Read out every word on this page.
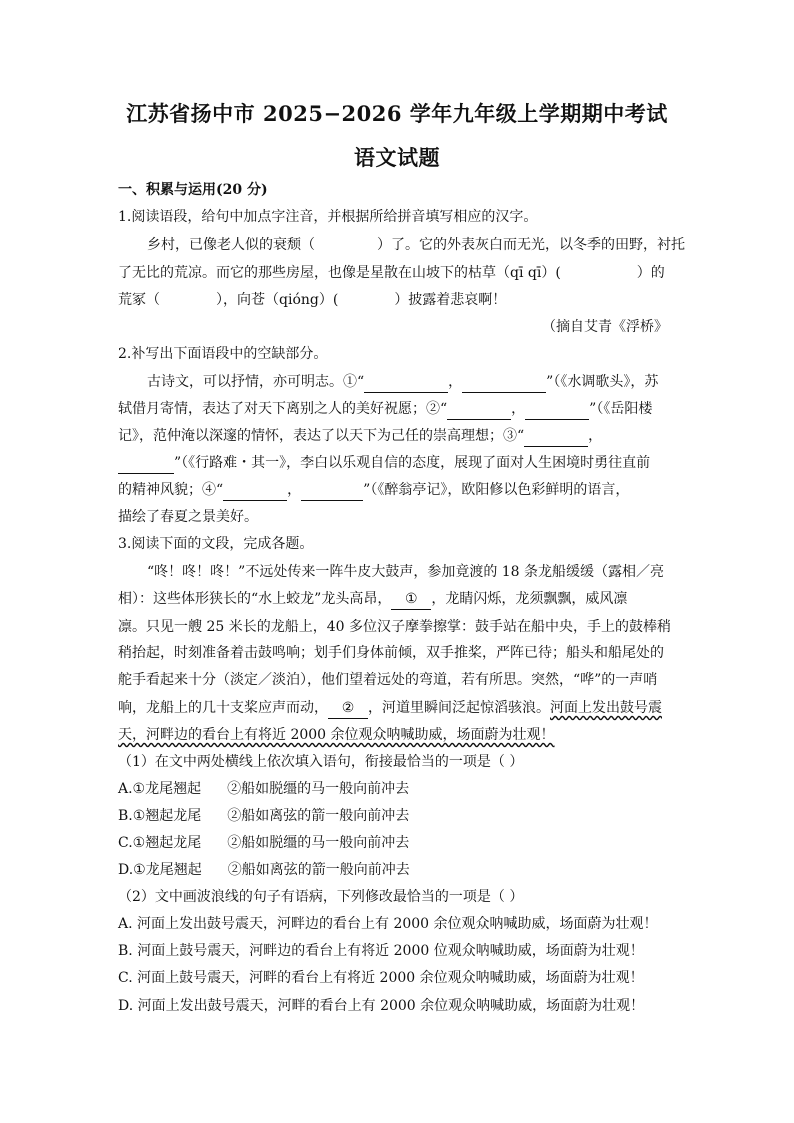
江苏省扬中市 2025−2026 学年九年级上学期期中考试
语文试题
一、积累与运用(20 分)
1.阅读语段，给句中加点字注音，并根据所给拼音填写相应的汉字。
乡村，已像老人似的衰颓（	）了。它的外表灰白而无光，以冬季的田野，衬托
了无比的荒凉。而它的那些房屋，也像是星散在山坡下的枯草（qī qī）(	）的
荒冢（	），向苍（qióng）(	）披露着悲哀啊！
（摘自艾青《浮桥》
2.补写出下面语段中的空缺部分。
古诗文，可以抒情，亦可明志。①“	，	”（《水调歌头》，苏
轼借月寄情，表达了对天下离别之人的美好祝愿；②“	，	”（《岳阳楼
记》，范仲淹以深邃的情怀，表达了以天下为己任的崇高理想；③“	，
”（《行路难・其一》，李白以乐观自信的态度，展现了面对人生困境时勇往直前
的精神风貌；④“	，	”（《醉翁亭记》，欧阳修以色彩鲜明的语言，
描绘了春夏之景美好。
3.阅读下面的文段，完成各题。
“咚！咚！咚！”不远处传来一阵牛皮大鼓声，参加竟渡的 18 条龙船缓缓（露相／亮
相）：这些体形狭长的“水上蛟龙”龙头高昂， ① ，龙睛闪烁，龙须飘飘，威风凛
凛。只见一艘 25 米长的龙船上，40 多位汉子摩拳擦掌：鼓手站在船中央，手上的鼓棒稍
稍抬起，时刻准备着击鼓鸣响；划手们身体前倾，双手推桨，严阵已待；船头和船尾处的
舵手看起来十分（淡定／淡泊），他们望着远处的弯道，若有所思。突然，“哗”的一声哨
响，龙船上的几十支桨应声而动， ② ，河道里瞬间泛起惊滔骇浪。河面上发出鼓号震
天，河畔边的看台上有将近 2000 余位观众呐喊助威，场面蔚为壮观！
（1）在文中两处横线上依次填入语句，衔接最恰当的一项是（ ）
A.①龙尾翘起 ②船如脱缰的马一般向前冲去
B.①翘起龙尾 ②船如离弦的箭一般向前冲去
C.①翘起龙尾 ②船如脱缰的马一般向前冲去
D.①龙尾翘起 ②船如离弦的箭一般向前冲去
（2）文中画波浪线的句子有语病，下列修改最恰当的一项是（ ）
A. 河面上发出鼓号震天，河畔边的看台上有 2000 余位观众呐喊助威，场面蔚为壮观！
B. 河面上鼓号震天，河畔边的看台上有将近 2000 位观众呐喊助威，场面蔚为壮观！
C. 河面上鼓号震天，河畔的看台上有将近 2000 余位观众呐喊助威，场面蔚为壮观！
D. 河面上发出鼓号震天，河畔的看台上有 2000 余位观众呐喊助威，场面蔚为壮观！
